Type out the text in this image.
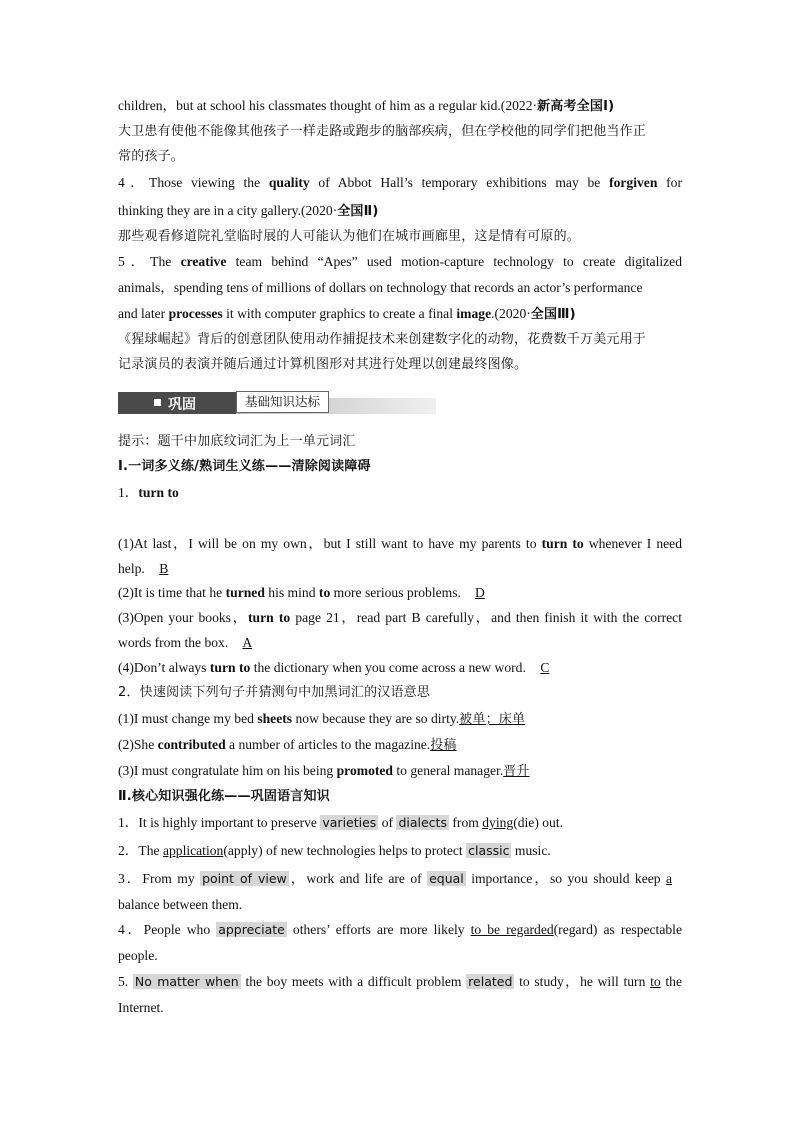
children，but at school his classmates thought of him as a regular kid.(2022·新高考全国Ⅰ)
大卫患有使他不能像其他孩子一样走路或跑步的脑部疾病，但在学校他的同学们把他当作正
常的孩子。
4．Those viewing the quality of Abbot Hall’s temporary exhibitions may be forgiven for
thinking they are in a city gallery.(2020·全国Ⅱ)
那些观看修道院礼堂临时展的人可能认为他们在城市画廊里，这是情有可原的。
5．The creative team behind “Apes” used motion-capture technology to create digitalized
animals，spending tens of millions of dollars on technology that records an actor’s performance
and later processes it with computer graphics to create a final image.(2020·全国Ⅲ)
《猩球崛起》背后的创意团队使用动作捕捉技术来创建数字化的动物，花费数千万美元用于
记录演员的表演并随后通过计算机图形对其进行处理以创建最终图像。
巩固	基础知识达标
提示：题干中加底纹词汇为上一单元词汇
Ⅰ.一词多义练/熟词生义练——清除阅读障碍
1．turn to
(1)At last，I will be on my own，but I still want to have my parents to turn to whenever I need
help. B
(2)It is time that he turned his mind to more serious problems. D
(3)Open your books，turn to page 21，read part B carefully，and then finish it with the correct
words from the box. A
(4)Don’t always turn to the dictionary when you come across a new word. C
2．快速阅读下列句子并猜测句中加黑词汇的汉语意思
(1)I must change my bed sheets now because they are so dirty.被单；床单
(2)She contributed a number of articles to the magazine.投稿
(3)I must congratulate him on his being promoted to general manager.晋升
Ⅱ.核心知识强化练——巩固语言知识
1．It is highly important to preserve varieties of dialects from dying(die) out.
2．The application(apply) of new technologies helps to protect classic music.
3．From my point of view ，work and life are of equal importance，so you should keep a
balance between them.
4．People who appreciate others’ efforts are more likely to be regarded(regard) as respectable
people.
5. No matter when the boy meets with a difficult problem related to study，he will turn to the
Internet.
